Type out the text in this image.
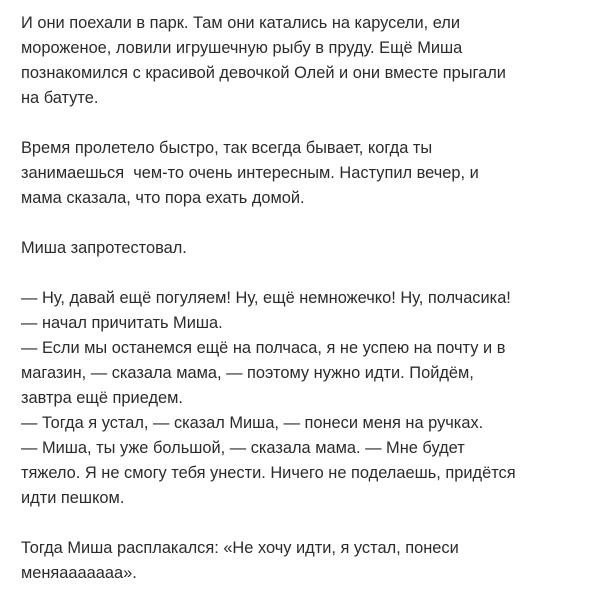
И они поехали в парк. Там они катались на карусели, ели
мороженое, ловили игрушечную рыбу в пруду. Ещё Миша
познакомился с красивой девочкой Олей и они вместе прыгали
на батуте.

Время пролетело быстро, так всегда бывает, когда ты
занимаешься  чем-то очень интересным. Наступил вечер, и
мама сказала, что пора ехать домой.

Миша запротестовал.

— Ну, давай ещё погуляем! Ну, ещё немножечко! Ну, полчасика!
— начал причитать Миша.
— Если мы останемся ещё на полчаса, я не успею на почту и в
магазин, — сказала мама, — поэтому нужно идти. Пойдём,
завтра ещё приедем.
— Тогда я устал, — сказал Миша, — понеси меня на ручках.
— Миша, ты уже большой, — сказала мама. — Мне будет
тяжело. Я не смогу тебя унести. Ничего не поделаешь, придётся
идти пешком.

Тогда Миша расплакался: «Не хочу идти, я устал, понеси
меняааааааа».
